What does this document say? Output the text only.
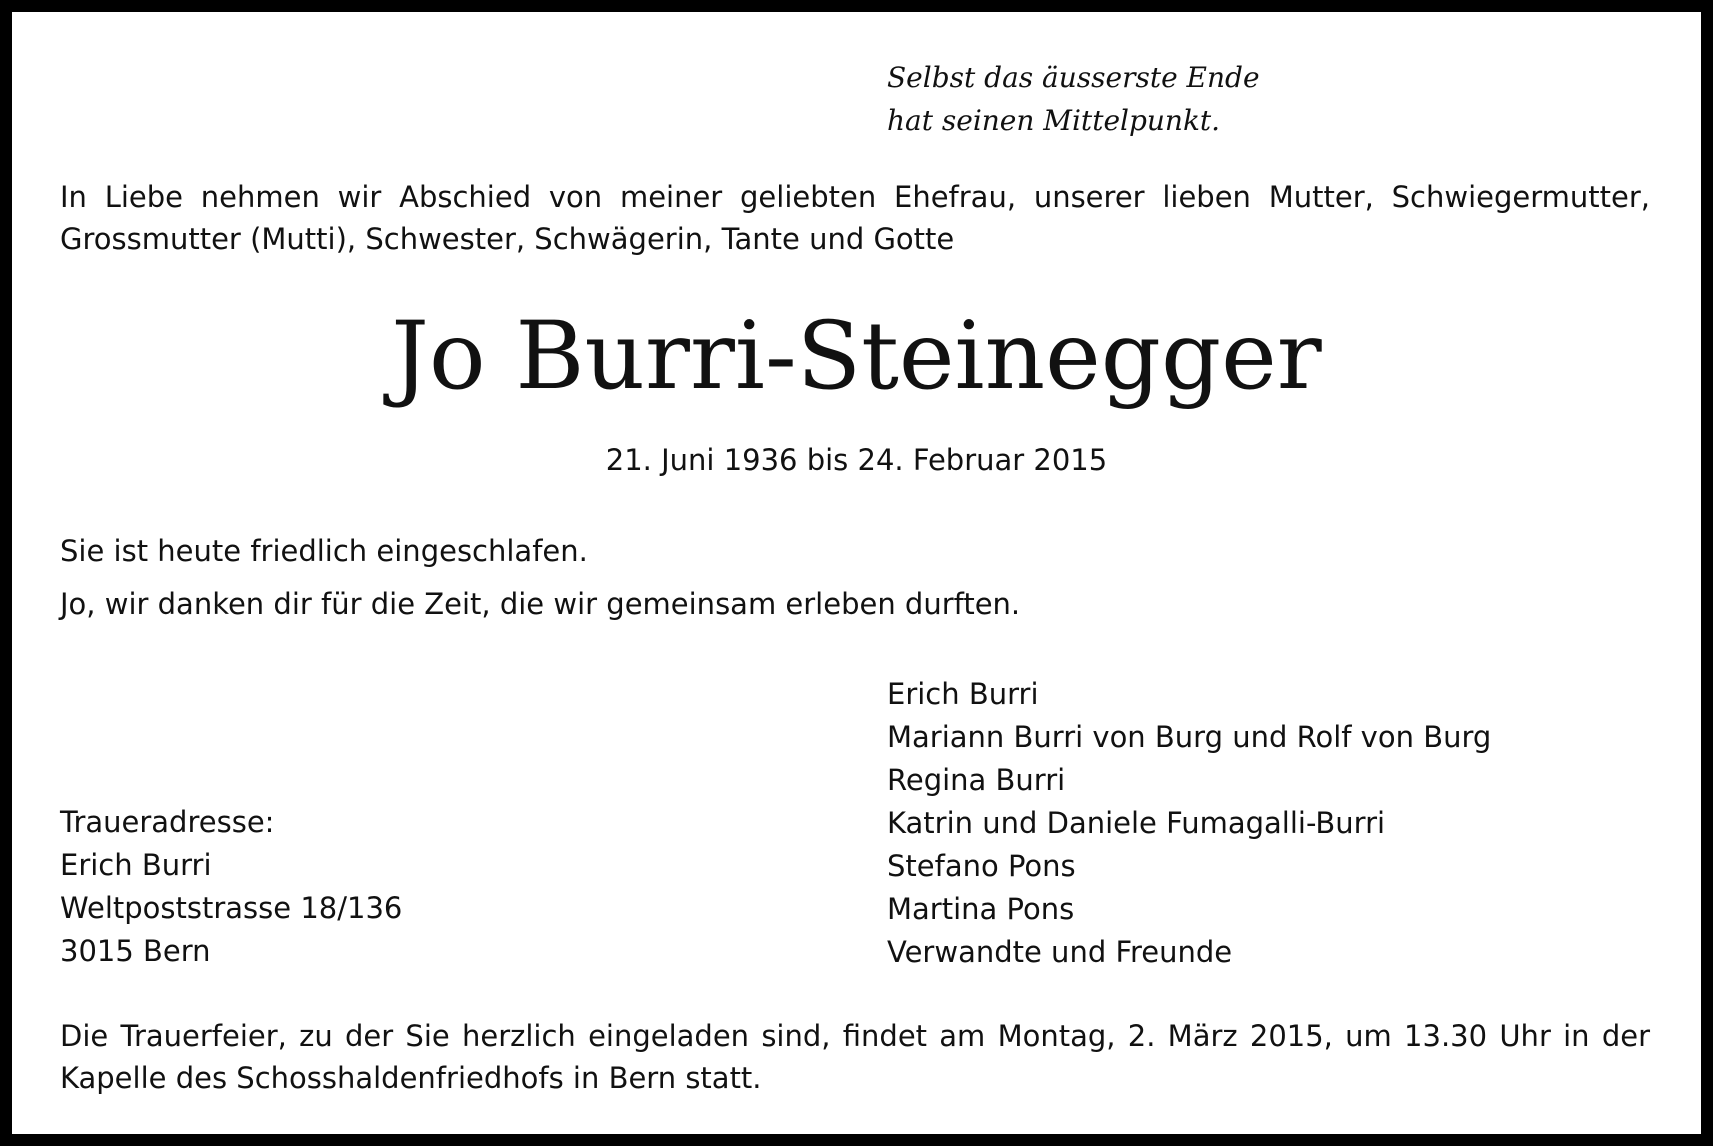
Selbst das äusserste Ende
hat seinen Mittelpunkt.
In Liebe nehmen wir Abschied von meiner geliebten Ehefrau, unserer lieben Mutter, Schwiegermutter,
Grossmutter (Mutti), Schwester, Schwägerin, Tante und Gotte
Jo Burri-Steinegger
21. Juni 1936 bis 24. Februar 2015
Sie ist heute friedlich eingeschlafen.
Jo, wir danken dir für die Zeit, die wir gemeinsam erleben durften.
Erich Burri
Mariann Burri von Burg und Rolf von Burg
Regina Burri
Katrin und Daniele Fumagalli-Burri
Stefano Pons
Martina Pons
Verwandte und Freunde
Traueradresse:
Erich Burri
Weltpoststrasse 18/136
3015 Bern
Die Trauerfeier, zu der Sie herzlich eingeladen sind, findet am Montag, 2. März 2015, um 13.30 Uhr in der
Kapelle des Schosshaldenfriedhofs in Bern statt.
